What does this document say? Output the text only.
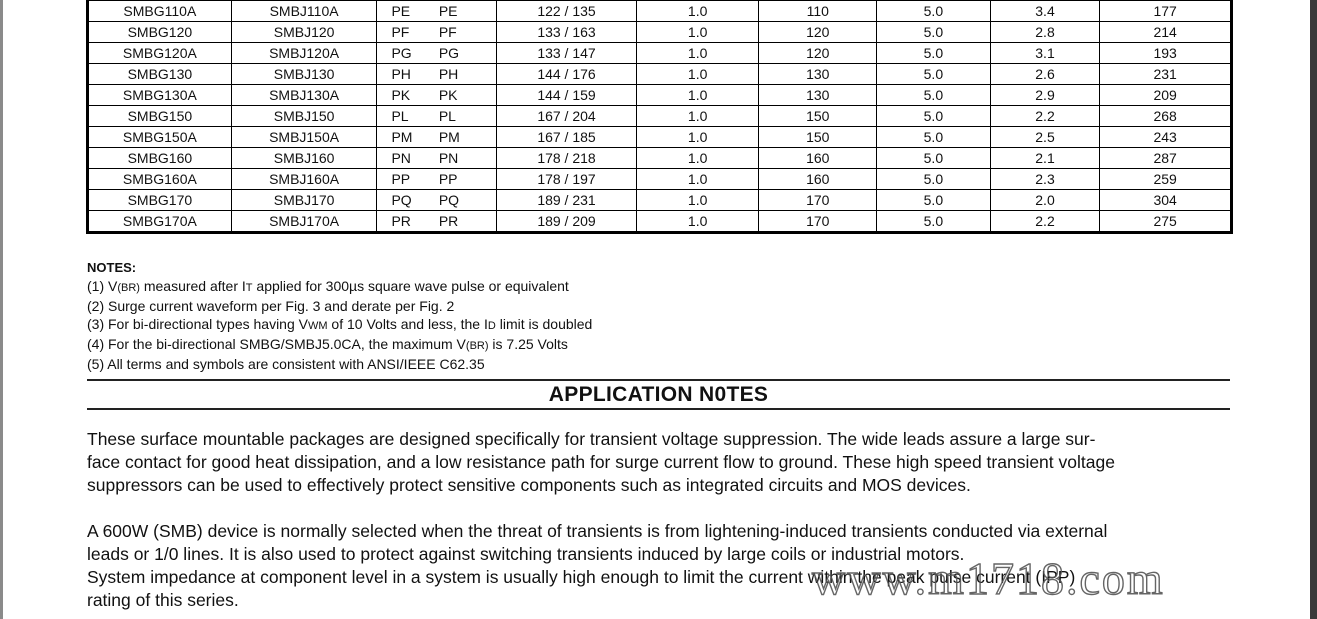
SMBG110A	SMBJ110A	PE	PE	122 / 135	1.0	110	5.0	3.4	177
SMBG120	SMBJ120	PF	PF	133 / 163	1.0	120	5.0	2.8	214
SMBG120A	SMBJ120A	PG	PG	133 / 147	1.0	120	5.0	3.1	193
SMBG130	SMBJ130	PH	PH	144 / 176	1.0	130	5.0	2.6	231
SMBG130A	SMBJ130A	PK	PK	144 / 159	1.0	130	5.0	2.9	209
SMBG150	SMBJ150	PL	PL	167 / 204	1.0	150	5.0	2.2	268
SMBG150A	SMBJ150A	PM	PM	167 / 185	1.0	150	5.0	2.5	243
SMBG160	SMBJ160	PN	PN	178 / 218	1.0	160	5.0	2.1	287
SMBG160A	SMBJ160A	PP	PP	178 / 197	1.0	160	5.0	2.3	259
SMBG170	SMBJ170	PQ	PQ	189 / 231	1.0	170	5.0	2.0	304
SMBG170A	SMBJ170A	PR	PR	189 / 209	1.0	170	5.0	2.2	275
NOTES:
(1) V(BR) measured after IT applied for 300µs square wave pulse or equivalent
(2) Surge current waveform per Fig. 3 and derate per Fig. 2
(3) For bi-directional types having VWM of 10 Volts and less, the ID limit is doubled
(4) For the bi-directional SMBG/SMBJ5.0CA, the maximum V(BR) is 7.25 Volts
(5) All terms and symbols are consistent with ANSI/IEEE C62.35
APPLICATION N0TES
These surface mountable packages are designed specifically for transient voltage suppression. The wide leads assure a large sur-
face contact for good heat dissipation, and a low resistance path for surge current flow to ground. These high speed transient voltage
suppressors can be used to effectively protect sensitive components such as integrated circuits and MOS devices.
A 600W (SMB) device is normally selected when the threat of transients is from lightening-induced transients conducted via external
leads or 1/0 lines. It is also used to protect against switching transients induced by large coils or industrial motors.
System impedance at component level in a system is usually high enough to limit the current within the peak pulse current (IPP)
rating of this series.	www.m1718.com
